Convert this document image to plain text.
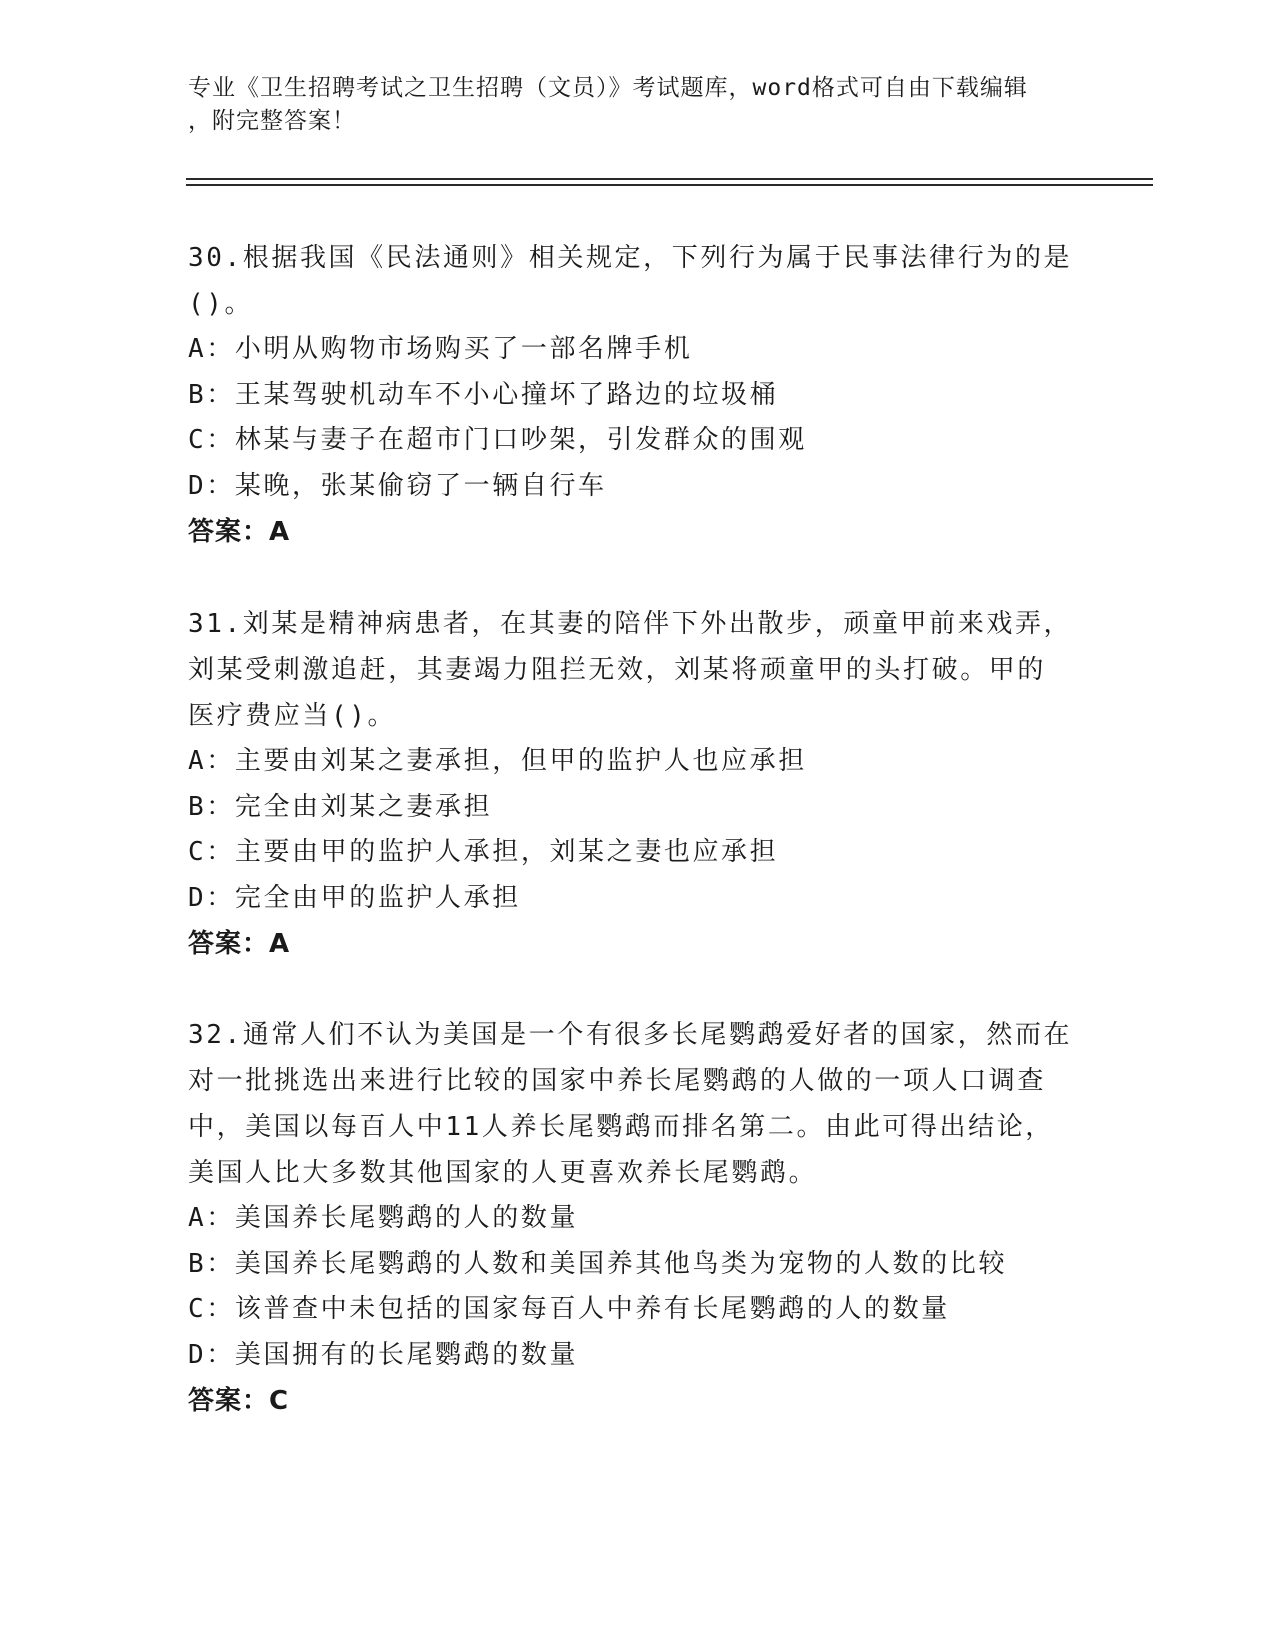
专业《卫生招聘考试之卫生招聘（文员）》考试题库，word格式可自由下载编辑
，附完整答案！

30.根据我国《民法通则》相关规定，下列行为属于民事法律行为的是

()。

A：小明从购物市场购买了一部名牌手机

B：王某驾驶机动车不小心撞坏了路边的垃圾桶

C：林某与妻子在超市门口吵架，引发群众的围观

D：某晚，张某偷窃了一辆自行车

答案：A

31.刘某是精神病患者，在其妻的陪伴下外出散步，顽童甲前来戏弄，

刘某受刺激追赶，其妻竭力阻拦无效，刘某将顽童甲的头打破。甲的

医疗费应当()。

A：主要由刘某之妻承担，但甲的监护人也应承担

B：完全由刘某之妻承担

C：主要由甲的监护人承担，刘某之妻也应承担

D：完全由甲的监护人承担

答案：A

32.通常人们不认为美国是一个有很多长尾鹦鹉爱好者的国家，然而在

对一批挑选出来进行比较的国家中养长尾鹦鹉的人做的一项人口调查

中，美国以每百人中11人养长尾鹦鹉而排名第二。由此可得出结论，

美国人比大多数其他国家的人更喜欢养长尾鹦鹉。

A：美国养长尾鹦鹉的人的数量

B：美国养长尾鹦鹉的人数和美国养其他鸟类为宠物的人数的比较

C：该普查中未包括的国家每百人中养有长尾鹦鹉的人的数量

D：美国拥有的长尾鹦鹉的数量

答案：C
